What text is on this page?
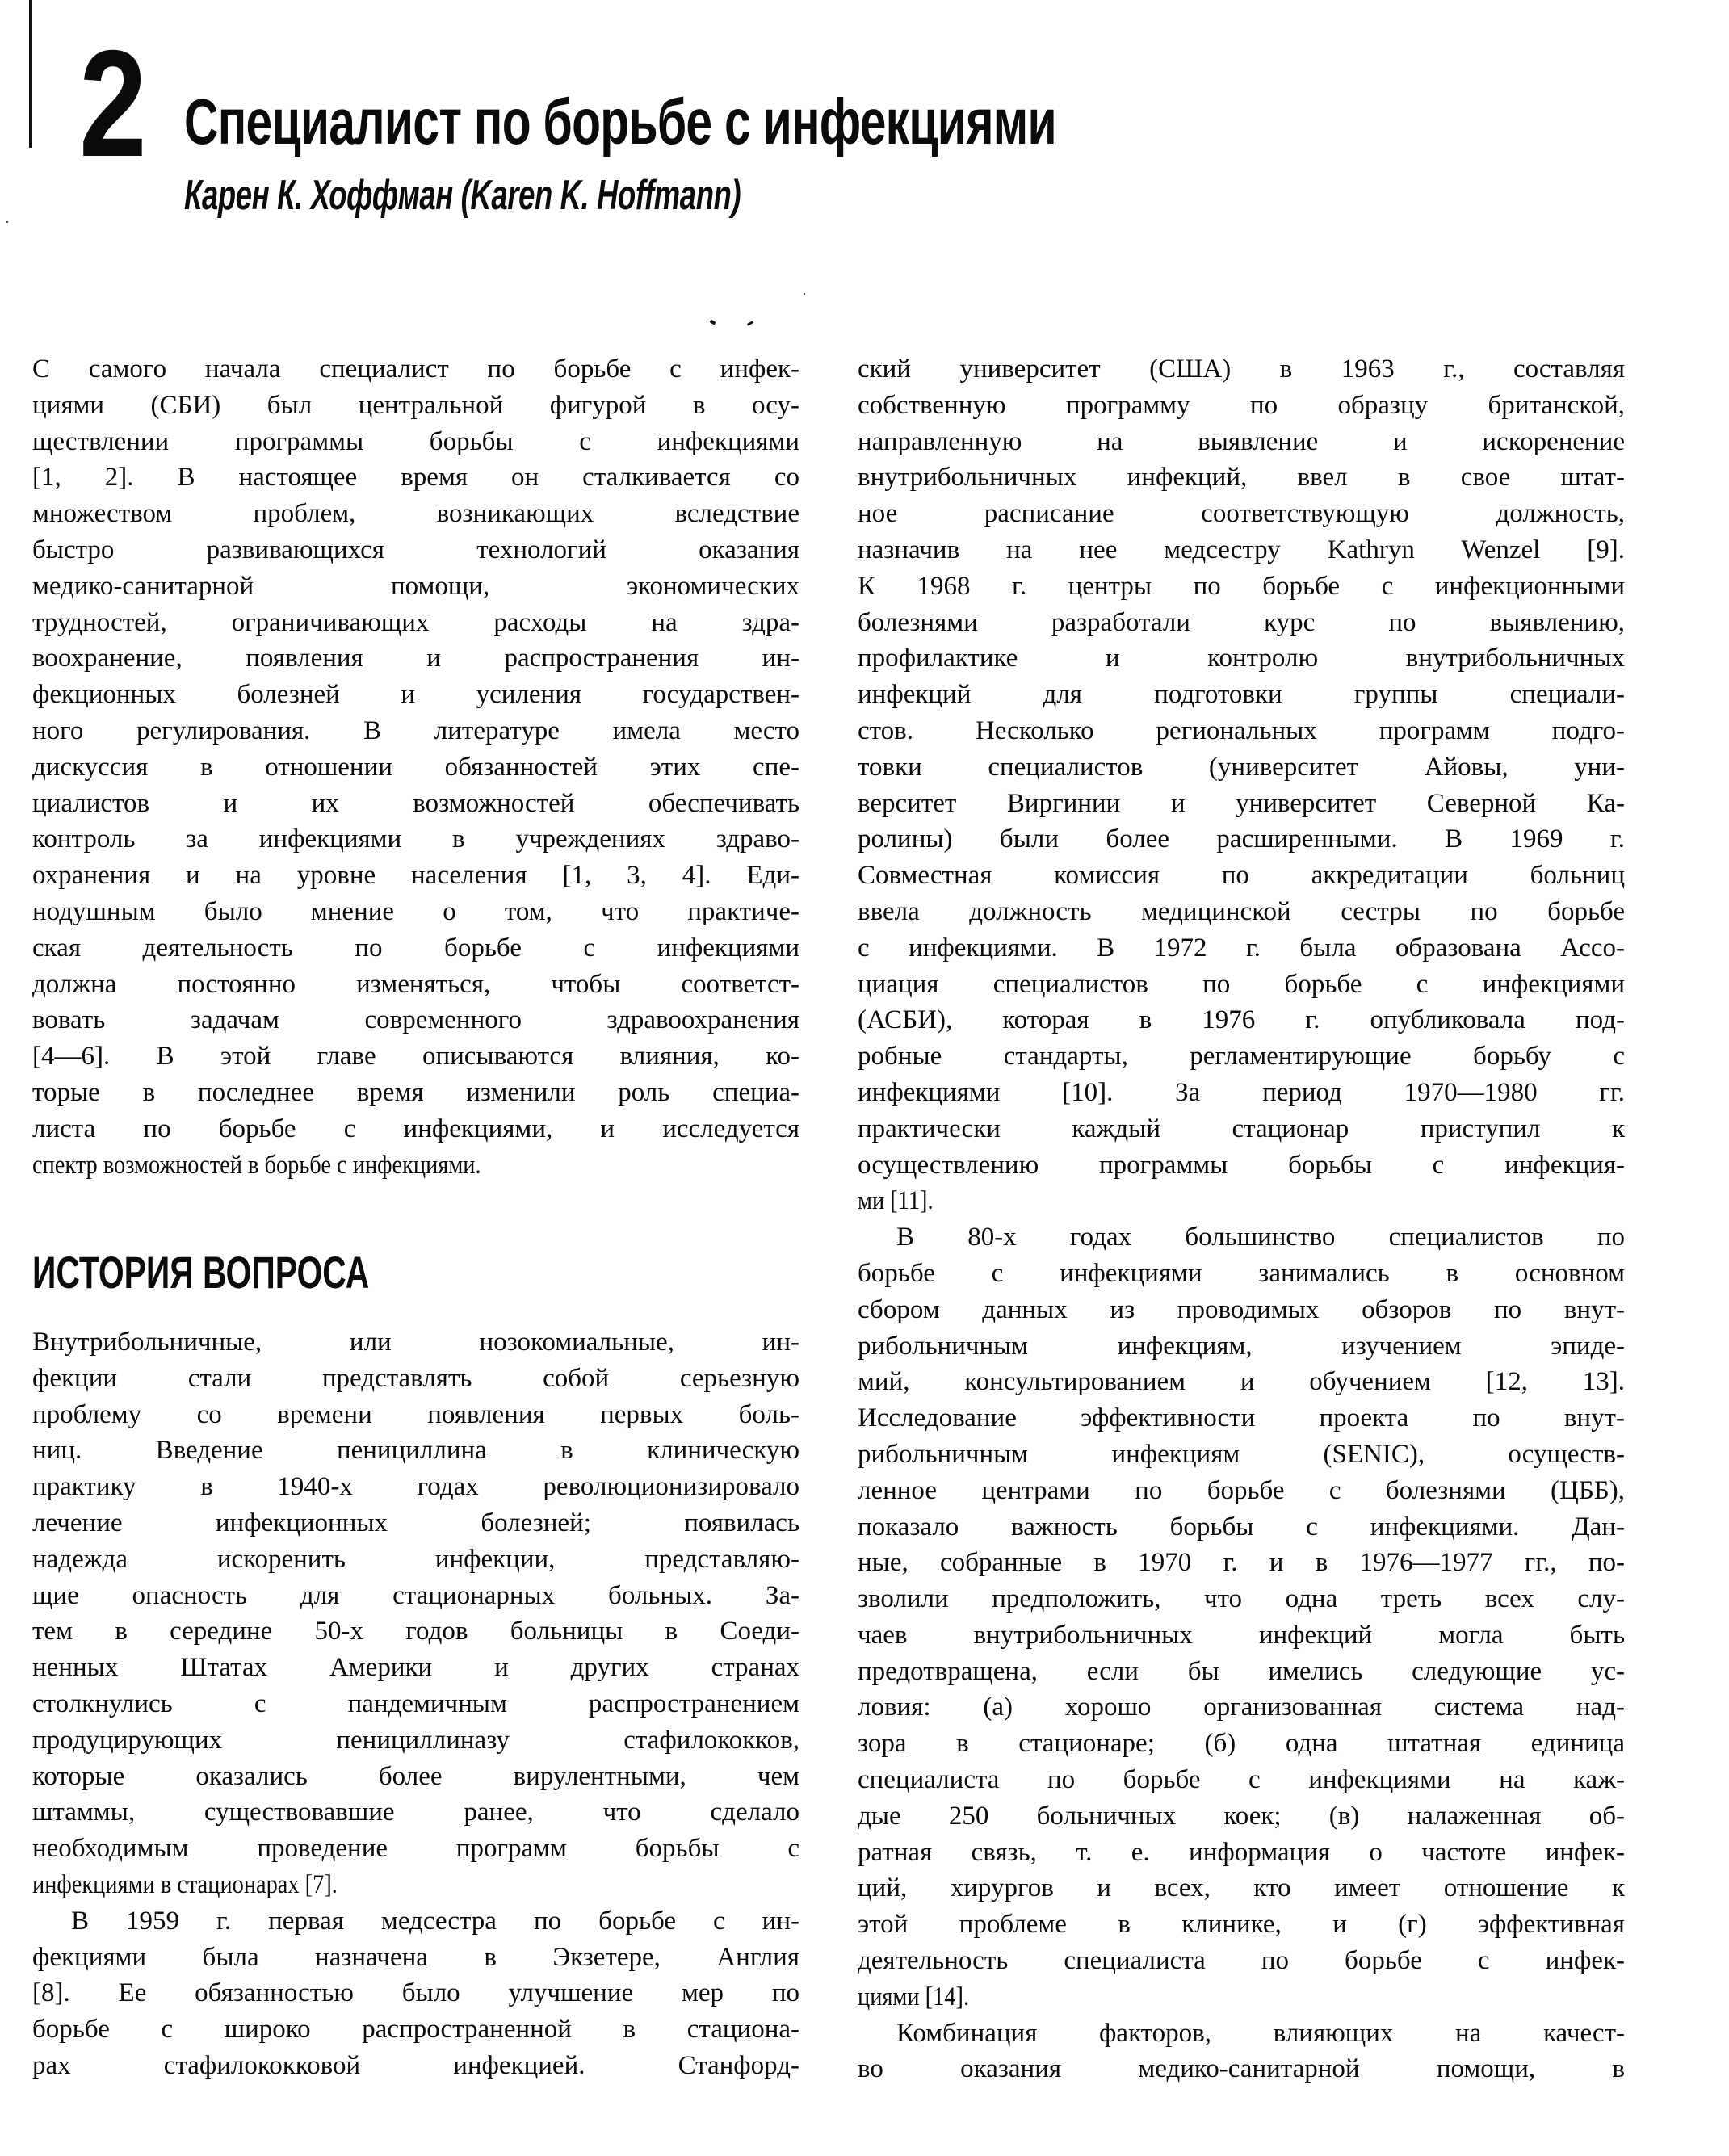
2 Специалист по борьбе с инфекциями
Карен К. Хоффман (Karen K. Hoffmann)
С самого начала специалист по борьбе с инфек-
циями (СБИ) был центральной фигурой в осу-
ществлении программы борьбы с инфекциями
[1, 2]. В настоящее время он сталкивается со
множеством проблем, возникающих вследствие
быстро развивающихся технологий оказания
медико-санитарной помощи, экономических
трудностей, ограничивающих расходы на здра-
воохранение, появления и распространения ин-
фекционных болезней и усиления государствен-
ного регулирования. В литературе имела место
дискуссия в отношении обязанностей этих спе-
циалистов и их возможностей обеспечивать
контроль за инфекциями в учреждениях здраво-
охранения и на уровне населения [1, 3, 4]. Еди-
нодушным было мнение о том, что практиче-
ская деятельность по борьбе с инфекциями
должна постоянно изменяться, чтобы соответст-
вовать задачам современного здравоохранения
[4—6]. В этой главе описываются влияния, ко-
торые в последнее время изменили роль специа-
листа по борьбе с инфекциями, и исследуется
спектр возможностей в борьбе с инфекциями.
ИСТОРИЯ ВОПРОСА
Внутрибольничные, или нозокомиальные, ин-
фекции стали представлять собой серьезную
проблему со времени появления первых боль-
ниц. Введение пенициллина в клиническую
практику в 1940-х годах революционизировало
лечение инфекционных болезней; появилась
надежда искоренить инфекции, представляю-
щие опасность для стационарных больных. За-
тем в середине 50-х годов больницы в Соеди-
ненных Штатах Америки и других странах
столкнулись с пандемичным распространением
продуцирующих пенициллиназу стафилококков,
которые оказались более вирулентными, чем
штаммы, существовавшие ранее, что сделало
необходимым проведение программ борьбы с
инфекциями в стационарах [7].
В 1959 г. первая медсестра по борьбе с ин-
фекциями была назначена в Экзетере, Англия
[8]. Ее обязанностью было улучшение мер по
борьбе с широко распространенной в стациона-
рах стафилококковой инфекцией. Станфорд-
ский университет (США) в 1963 г., составляя
собственную программу по образцу британской,
направленную на выявление и искоренение
внутрибольничных инфекций, ввел в свое штат-
ное расписание соответствующую должность,
назначив на нее медсестру Kathryn Wenzel [9].
К 1968 г. центры по борьбе с инфекционными
болезнями разработали курс по выявлению,
профилактике и контролю внутрибольничных
инфекций для подготовки группы специали-
стов. Несколько региональных программ подго-
товки специалистов (университет Айовы, уни-
верситет Виргинии и университет Северной Ка-
ролины) были более расширенными. В 1969 г.
Совместная комиссия по аккредитации больниц
ввела должность медицинской сестры по борьбе
с инфекциями. В 1972 г. была образована Ассо-
циация специалистов по борьбе с инфекциями
(АСБИ), которая в 1976 г. опубликовала под-
робные стандарты, регламентирующие борьбу с
инфекциями [10]. За период 1970—1980 гг.
практически каждый стационар приступил к
осуществлению программы борьбы с инфекция-
ми [11].
В 80-х годах большинство специалистов по
борьбе с инфекциями занимались в основном
сбором данных из проводимых обзоров по внут-
рибольничным инфекциям, изучением эпиде-
мий, консультированием и обучением [12, 13].
Исследование эффективности проекта по внут-
рибольничным инфекциям (SENIC), осуществ-
ленное центрами по борьбе с болезнями (ЦББ),
показало важность борьбы с инфекциями. Дан-
ные, собранные в 1970 г. и в 1976—1977 гг., по-
зволили предположить, что одна треть всех слу-
чаев внутрибольничных инфекций могла быть
предотвращена, если бы имелись следующие ус-
ловия: (а) хорошо организованная система над-
зора в стационаре; (б) одна штатная единица
специалиста по борьбе с инфекциями на каж-
дые 250 больничных коек; (в) налаженная об-
ратная связь, т. е. информация о частоте инфек-
ций, хирургов и всех, кто имеет отношение к
этой проблеме в клинике, и (г) эффективная
деятельность специалиста по борьбе с инфек-
циями [14].
Комбинация факторов, влияющих на качест-
во оказания медико-санитарной помощи, в
